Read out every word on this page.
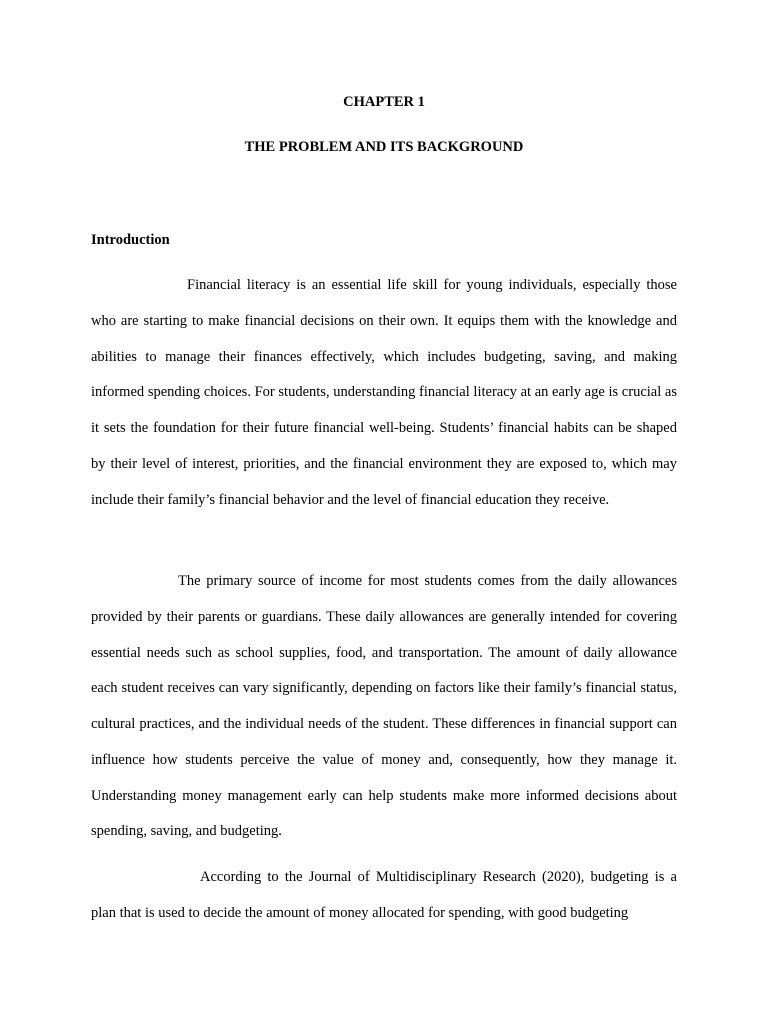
CHAPTER 1

THE PROBLEM AND ITS BACKGROUND

Introduction

Financial literacy is an essential life skill for young individuals, especially those who are starting to make financial decisions on their own. It equips them with the knowledge and abilities to manage their finances effectively, which includes budgeting, saving, and making informed spending choices. For students, understanding financial literacy at an early age is crucial as it sets the foundation for their future financial well-being. Students’ financial habits can be shaped by their level of interest, priorities, and the financial environment they are exposed to, which may include their family’s financial behavior and the level of financial education they receive.

The primary source of income for most students comes from the daily allowances provided by their parents or guardians. These daily allowances are generally intended for covering essential needs such as school supplies, food, and transportation. The amount of daily allowance each student receives can vary significantly, depending on factors like their family’s financial status, cultural practices, and the individual needs of the student. These differences in financial support can influence how students perceive the value of money and, consequently, how they manage it. Understanding money management early can help students make more informed decisions about spending, saving, and budgeting.

According to the Journal of Multidisciplinary Research (2020), budgeting is a plan that is used to decide the amount of money allocated for spending, with good budgeting
